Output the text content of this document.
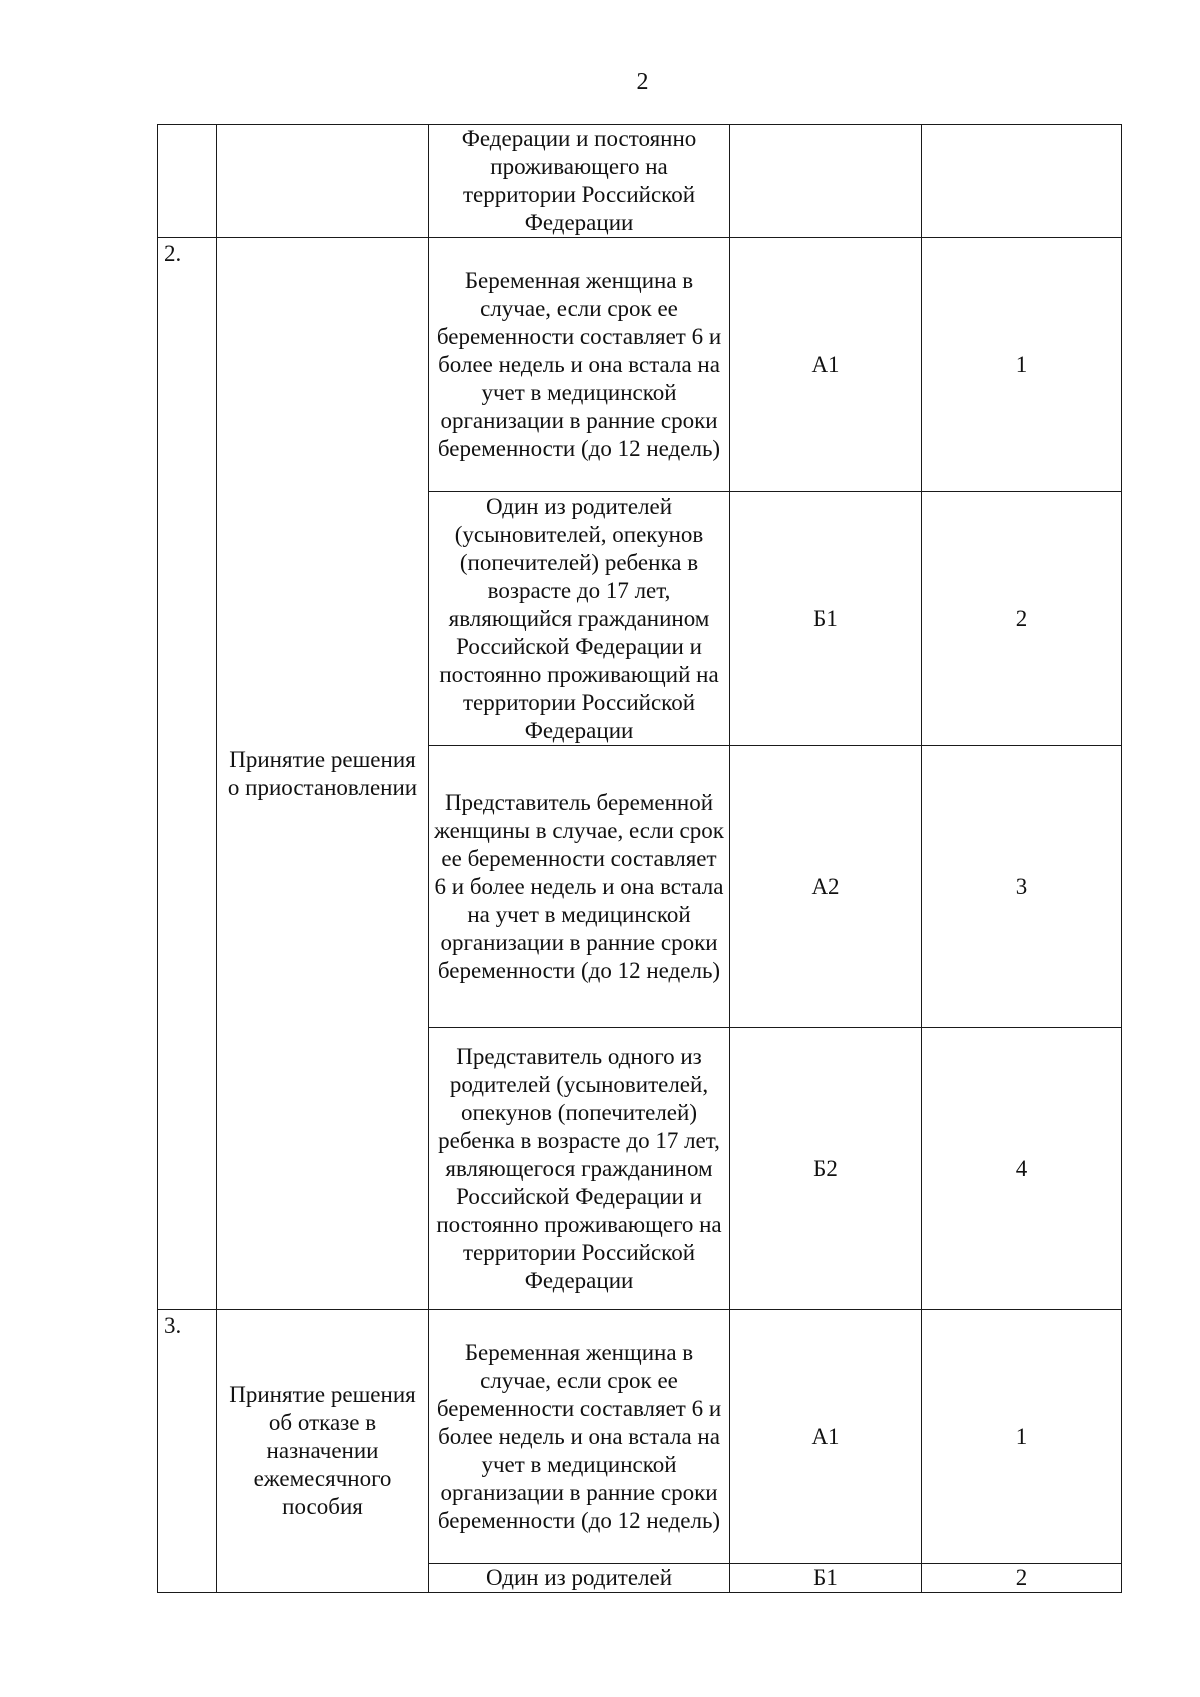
2
		Федерации и постоянно проживающего на территории Российской Федерации		
2.	Принятие решения о приостановлении	Беременная женщина в случае, если срок ее беременности составляет 6 и более недель и она встала на учет в медицинской организации в ранние сроки беременности (до 12 недель)	А1	1
		Один из родителей (усыновителей, опекунов (попечителей) ребенка в возрасте до 17 лет, являющийся гражданином Российской Федерации и постоянно проживающий на территории Российской Федерации	Б1	2
		Представитель беременной женщины в случае, если срок ее беременности составляет 6 и более недель и она встала на учет в медицинской организации в ранние сроки беременности (до 12 недель)	А2	3
		Представитель одного из родителей (усыновителей, опекунов (попечителей) ребенка в возрасте до 17 лет, являющегося гражданином Российской Федерации и постоянно проживающего на территории Российской Федерации	Б2	4
3.	Принятие решения об отказе в назначении ежемесячного пособия	Беременная женщина в случае, если срок ее беременности составляет 6 и более недель и она встала на учет в медицинской организации в ранние сроки беременности (до 12 недель)	А1	1
		Один из родителей	Б1	2
